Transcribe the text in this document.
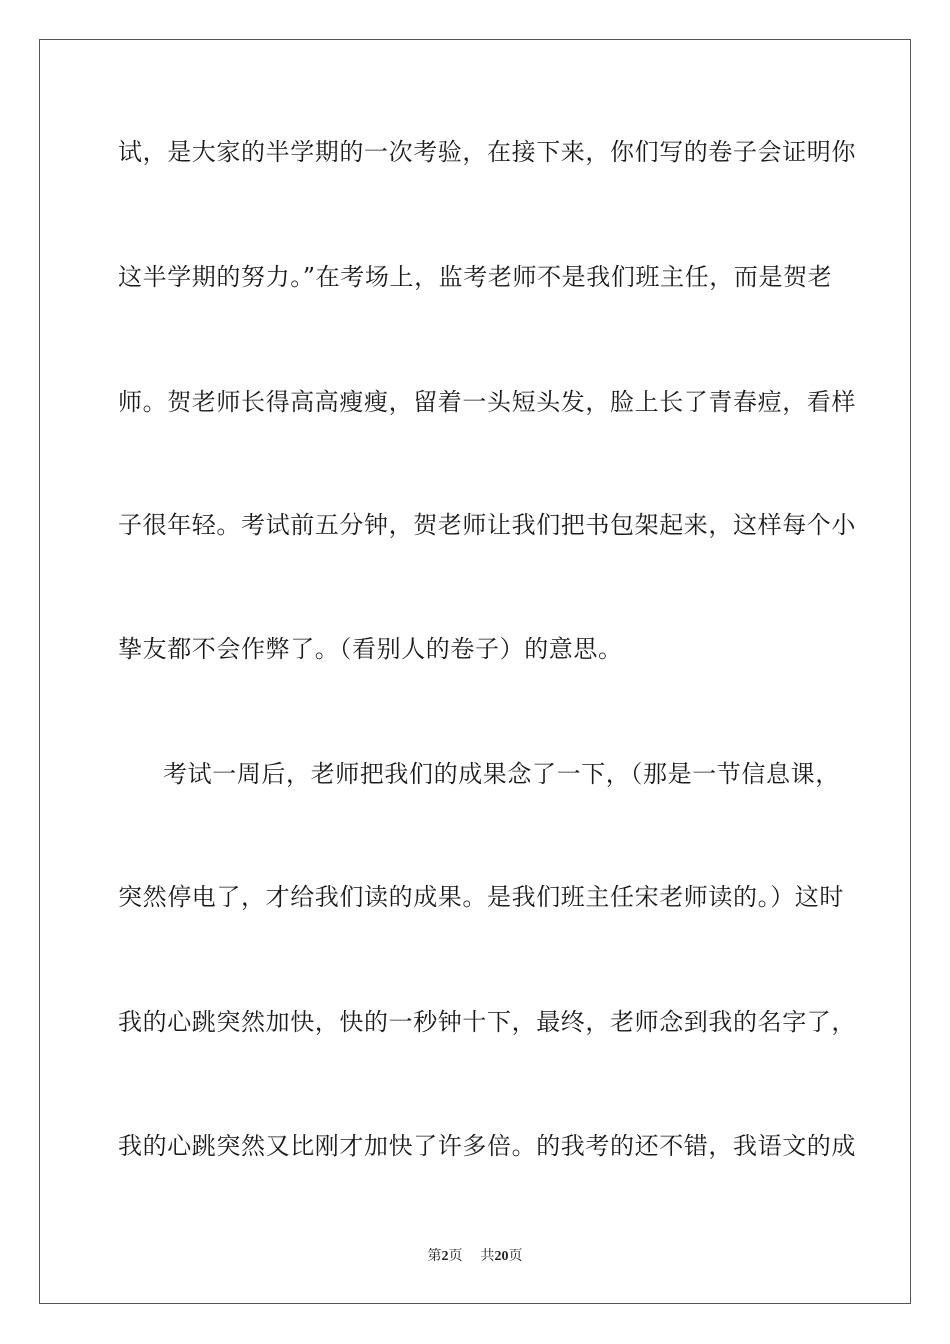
试，是大家的半学期的一次考验，在接下来，你们写的卷子会证明你
这半学期的努力。”在考场上，监考老师不是我们班主任，而是贺老
师。贺老师长得高高瘦瘦，留着一头短头发，脸上长了青春痘，看样
子很年轻。考试前五分钟，贺老师让我们把书包架起来，这样每个小
挚友都不会作弊了。（看别人的卷子）的意思。
考试一周后，老师把我们的成果念了一下，（那是一节信息课，
突然停电了，才给我们读的成果。是我们班主任宋老师读的。）这时
我的心跳突然加快，快的一秒钟十下，最终，老师念到我的名字了，
我的心跳突然又比刚才加快了许多倍。的我考的还不错，我语文的成
第2页 共20页
